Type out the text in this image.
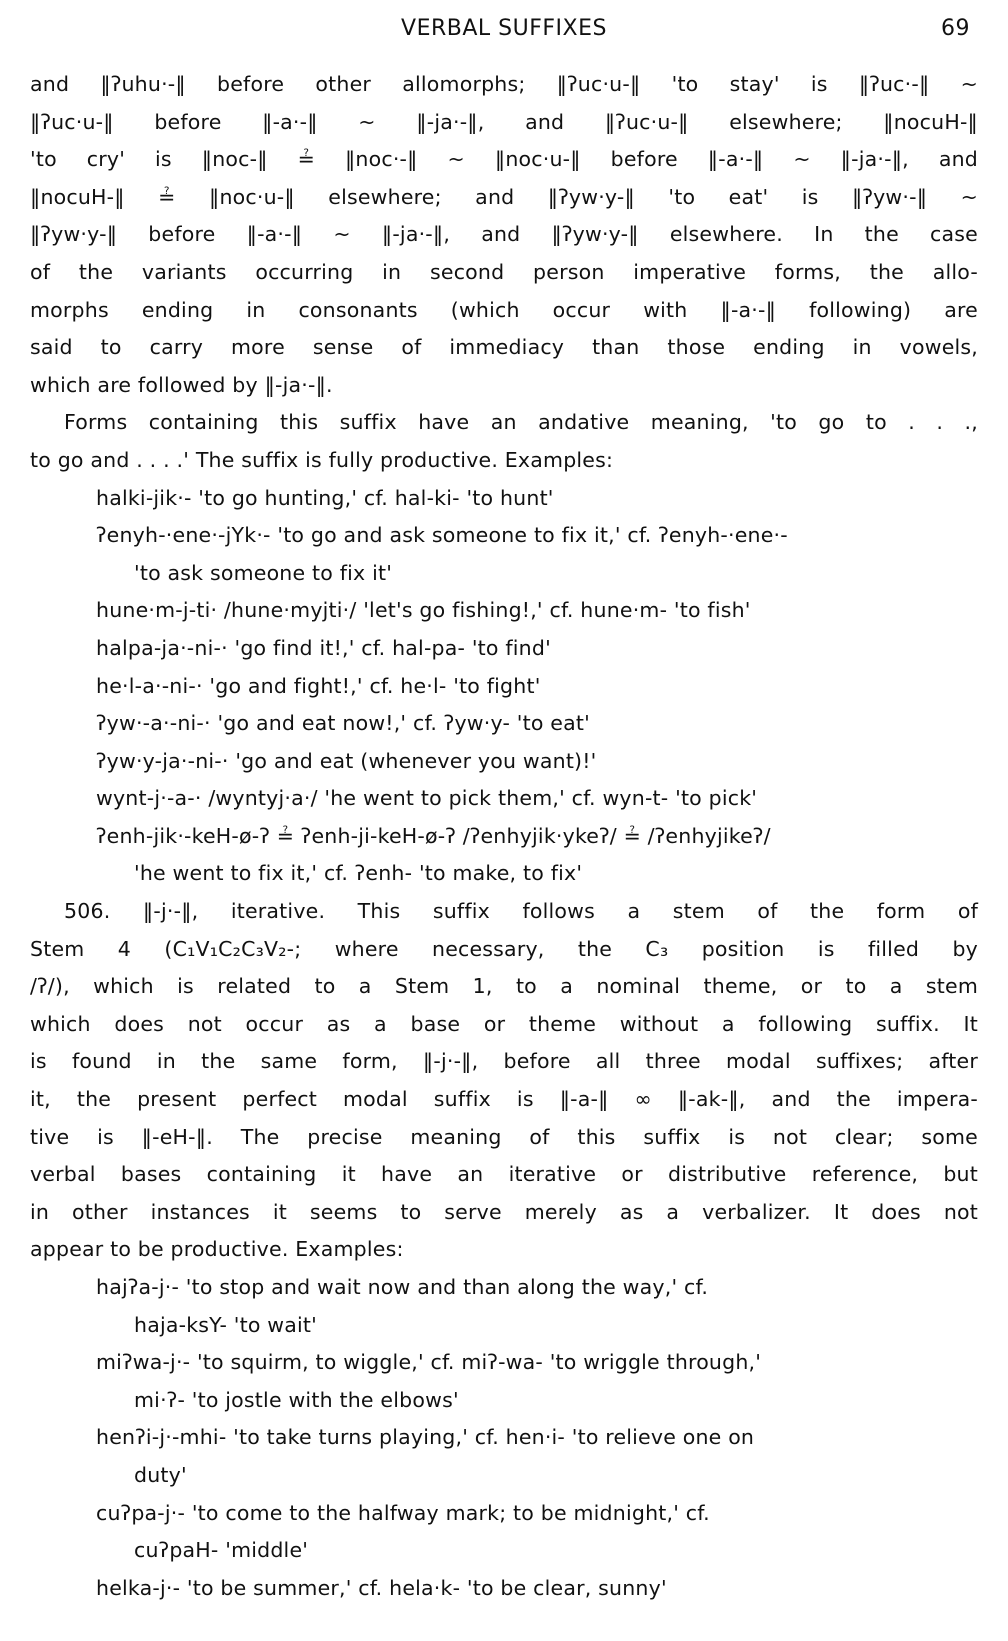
VERBAL SUFFIXES	69
and ‖ʔuhu·-‖ before other allomorphs; ‖ʔuc·u-‖ 'to stay' is ‖ʔuc·-‖ ~
‖ʔuc·u-‖ before ‖-a·-‖ ~ ‖-ja·-‖, and ‖ʔuc·u-‖ elsewhere; ‖nocuH-‖
'to cry' is ‖noc-‖ ≟ ‖noc·-‖ ~ ‖noc·u-‖ before ‖-a·-‖ ~ ‖-ja·-‖, and
‖nocuH-‖ ≟ ‖noc·u-‖ elsewhere; and ‖ʔyw·y-‖ 'to eat' is ‖ʔyw·-‖ ~
‖ʔyw·y-‖ before ‖-a·-‖ ~ ‖-ja·-‖, and ‖ʔyw·y-‖ elsewhere. In the case
of the variants occurring in second person imperative forms, the allo-
morphs ending in consonants (which occur with ‖-a·-‖ following) are
said to carry more sense of immediacy than those ending in vowels,
which are followed by ‖-ja·-‖.
Forms containing this suffix have an andative meaning, 'to go to . . .,
to go and . . . .' The suffix is fully productive. Examples:
halki-jik·- 'to go hunting,' cf. hal-ki- 'to hunt'
ʔenyh-·ene·-jYk·- 'to go and ask someone to fix it,' cf. ʔenyh-·ene·-
'to ask someone to fix it'
hune·m-j-ti· /hune·myjti·/ 'let's go fishing!,' cf. hune·m- 'to fish'
halpa-ja·-ni-· 'go find it!,' cf. hal-pa- 'to find'
he·l-a·-ni-· 'go and fight!,' cf. he·l- 'to fight'
ʔyw·-a·-ni-· 'go and eat now!,' cf. ʔyw·y- 'to eat'
ʔyw·y-ja·-ni-· 'go and eat (whenever you want)!'
wynt-j·-a-· /wyntyj·a·/ 'he went to pick them,' cf. wyn-t- 'to pick'
ʔenh-jik·-keH-ø-ʔ ≟ ʔenh-ji-keH-ø-ʔ /ʔenhyjik·ykeʔ/ ≟ /ʔenhyjikeʔ/
'he went to fix it,' cf. ʔenh- 'to make, to fix'
506. ‖-j·-‖, iterative. This suffix follows a stem of the form of
Stem 4 (C₁V₁C₂C₃V₂-; where necessary, the C₃ position is filled by
/ʔ/), which is related to a Stem 1, to a nominal theme, or to a stem
which does not occur as a base or theme without a following suffix. It
is found in the same form, ‖-j·-‖, before all three modal suffixes; after
it, the present perfect modal suffix is ‖-a-‖ ∞ ‖-ak-‖, and the impera-
tive is ‖-eH-‖. The precise meaning of this suffix is not clear; some
verbal bases containing it have an iterative or distributive reference, but
in other instances it seems to serve merely as a verbalizer. It does not
appear to be productive. Examples:
hajʔa-j·- 'to stop and wait now and than along the way,' cf.
haja-ksY- 'to wait'
miʔwa-j·- 'to squirm, to wiggle,' cf. miʔ-wa- 'to wriggle through,'
mi·ʔ- 'to jostle with the elbows'
henʔi-j·-mhi- 'to take turns playing,' cf. hen·i- 'to relieve one on
duty'
cuʔpa-j·- 'to come to the halfway mark; to be midnight,' cf.
cuʔpaH- 'middle'
helka-j·- 'to be summer,' cf. hela·k- 'to be clear, sunny'
